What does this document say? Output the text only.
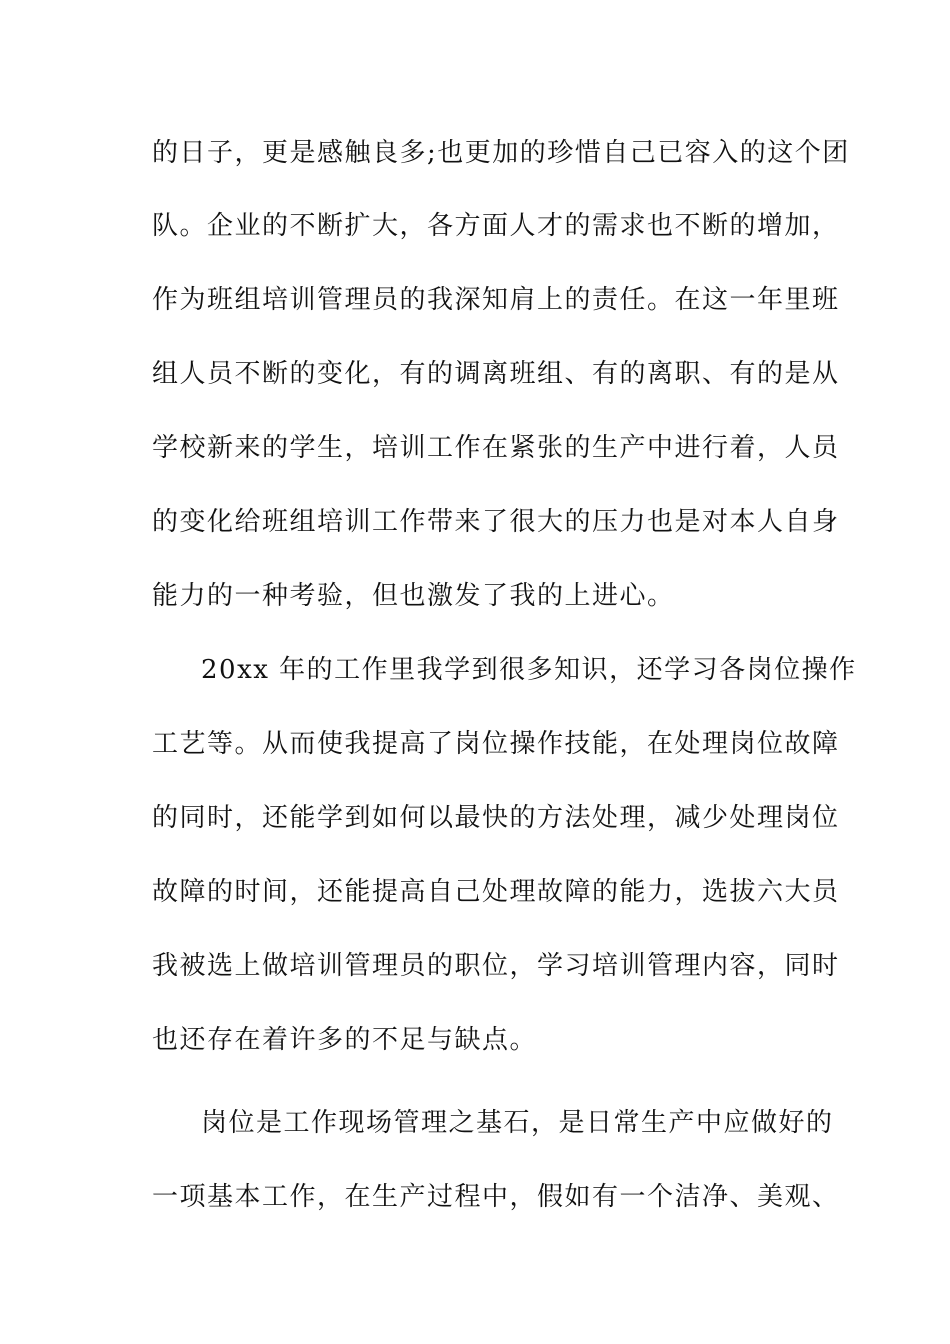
的日子，更是感触良多;也更加的珍惜自己已容入的这个团
队。企业的不断扩大，各方面人才的需求也不断的增加，
作为班组培训管理员的我深知肩上的责任。在这一年里班
组人员不断的变化，有的调离班组、有的离职、有的是从
学校新来的学生，培训工作在紧张的生产中进行着，人员
的变化给班组培训工作带来了很大的压力也是对本人自身
能力的一种考验，但也激发了我的上进心。
20xx 年的工作里我学到很多知识，还学习各岗位操作
工艺等。从而使我提高了岗位操作技能，在处理岗位故障
的同时，还能学到如何以最快的方法处理，减少处理岗位
故障的时间，还能提高自己处理故障的能力，选拔六大员
我被选上做培训管理员的职位，学习培训管理内容，同时
也还存在着许多的不足与缺点。
岗位是工作现场管理之基石，是日常生产中应做好的
一项基本工作，在生产过程中，假如有一个洁净、美观、
